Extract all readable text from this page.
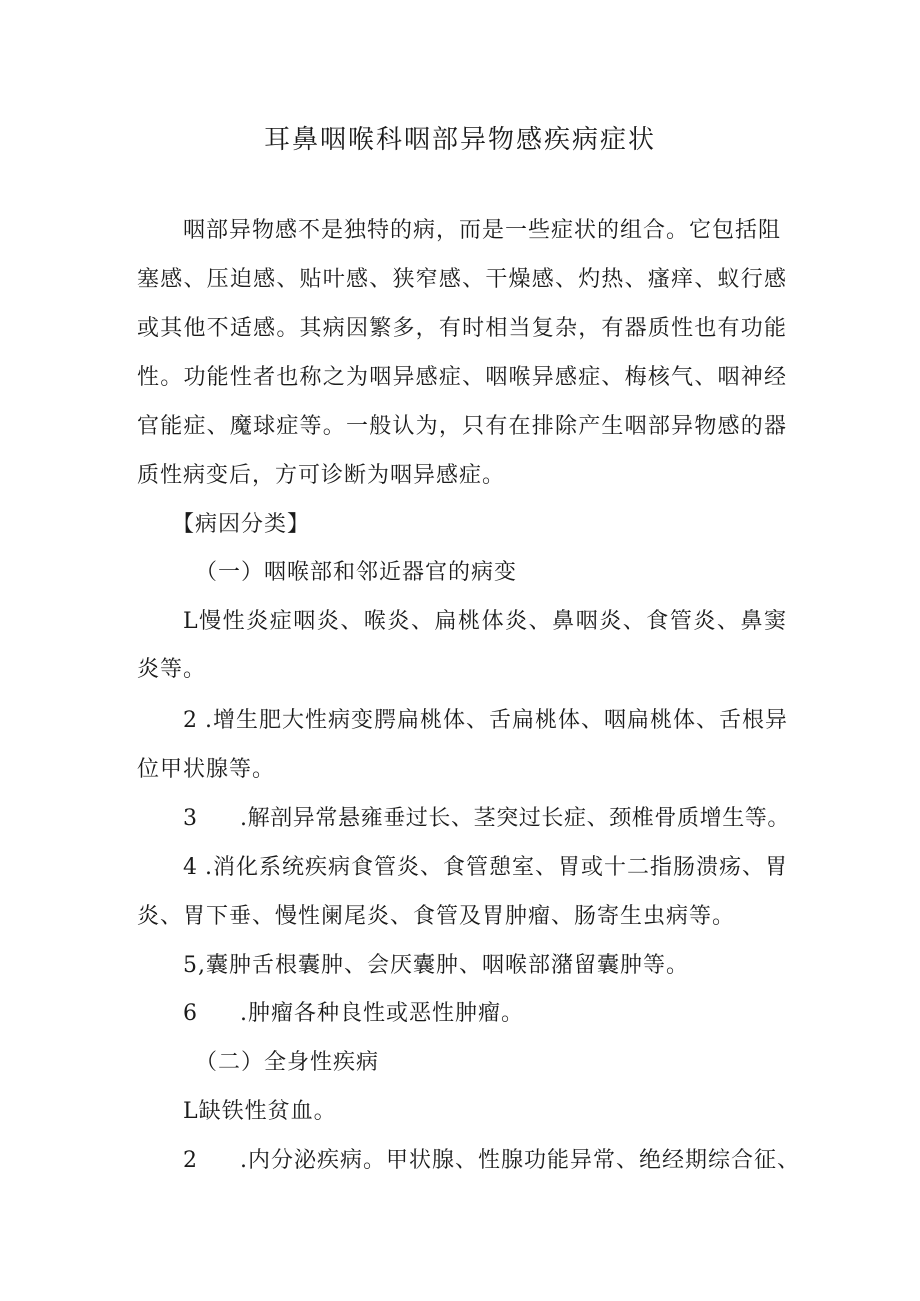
耳鼻咽喉科咽部异物感疾病症状
咽部异物感不是独特的病，而是一些症状的组合。它包括阻
塞感、压迫感、贴叶感、狭窄感、干燥感、灼热、瘙痒、蚁行感
或其他不适感。其病因繁多，有时相当复杂，有器质性也有功能
性。功能性者也称之为咽异感症、咽喉异感症、梅核气、咽神经
官能症、魔球症等。一般认为，只有在排除产生咽部异物感的器
质性病变后，方可诊断为咽异感症。
【病因分类】
（一）咽喉部和邻近器官的病变
L慢性炎症咽炎、喉炎、扁桃体炎、鼻咽炎、食管炎、鼻窦
炎等。
2 .增生肥大性病变腭扁桃体、舌扁桃体、咽扁桃体、舌根异
位甲状腺等。
3 .解剖异常悬雍垂过长、茎突过长症、颈椎骨质增生等。
4 .消化系统疾病食管炎、食管憩室、胃或十二指肠溃疡、胃
炎、胃下垂、慢性阑尾炎、食管及胃肿瘤、肠寄生虫病等。
5,囊肿舌根囊肿、会厌囊肿、咽喉部潴留囊肿等。
6 .肿瘤各种良性或恶性肿瘤。
（二）全身性疾病
L缺铁性贫血。
2 .内分泌疾病。甲状腺、性腺功能异常、绝经期综合征、
